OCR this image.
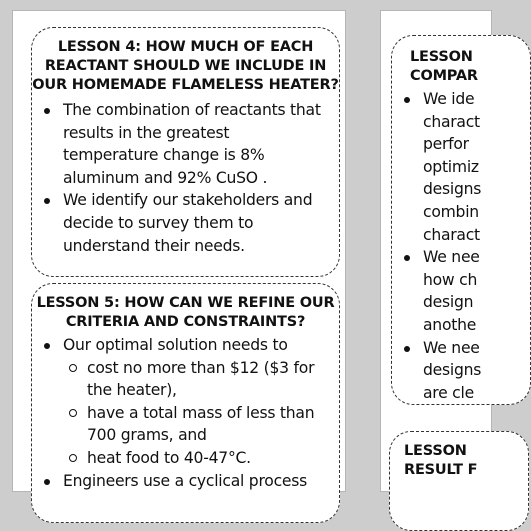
LESSON 4: HOW MUCH OF EACH
REACTANT SHOULD WE INCLUDE IN
OUR HOMEMADE FLAMELESS HEATER?
The combination of reactants that
results in the greatest
temperature change is 8%
aluminum and 92% CuSO .
We identify our stakeholders and
decide to survey them to
understand their needs.
LESSON 5: HOW CAN WE REFINE OUR
CRITERIA AND CONSTRAINTS?
Our optimal solution needs to
cost no more than $12 ($3 for
the heater),
have a total mass of less than
700 grams, and
heat food to 40-47°C.
Engineers use a cyclical process
LESSON
COMPAR
We ide
charact
perfor
optimiz
designs
combin
charact
We nee
how ch
design
anothe
We nee
designs
are cle
LESSON
RESULT F
